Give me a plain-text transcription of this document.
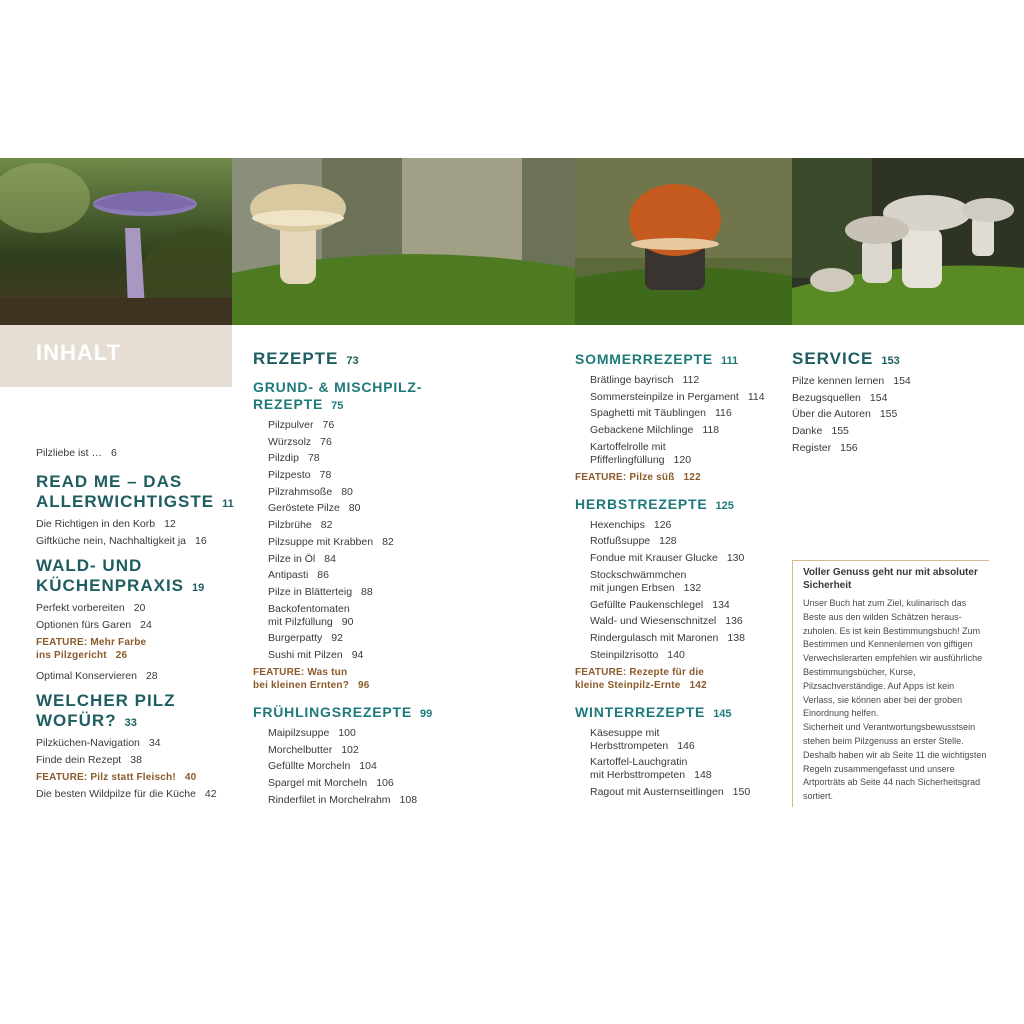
INHALT
Pilzliebe ist … 6
READ ME – DAS
ALLERWICHTIGSTE 11
Die Richtigen in den Korb 12
Giftküche nein, Nachhaltigkeit ja 16
WALD- UND
KÜCHENPRAXIS 19
Perfekt vorbereiten 20
Optionen fürs Garen 24
FEATURE: Mehr Farbe
ins Pilzgericht 26
Optimal Konservieren 28
WELCHER PILZ
WOFÜR? 33
Pilzküchen-Navigation 34
Finde dein Rezept 38
FEATURE: Pilz statt Fleisch! 40
Die besten Wildpilze für die Küche 42
REZEPTE 73
GRUND- & MISCHPILZ-
REZEPTE 75
Pilzpulver 76
Würzsolz 76
Pilzdip 78
Pilzpesto 78
Pilzrahmsoße 80
Geröstete Pilze 80
Pilzbrühe 82
Pilzsuppe mit Krabben 82
Pilze in Öl 84
Antipasti 86
Pilze in Blätterteig 88
Backofentomaten
mit Pilzfüllung 90
Burgerpatty 92
Sushi mit Pilzen 94
FEATURE: Was tun
bei kleinen Ernten? 96
FRÜHLINGSREZEPTE 99
Maipilzsuppe 100
Morchelbutter 102
Gefüllte Morcheln 104
Spargel mit Morcheln 106
Rinderfilet in Morchelrahm 108
SOMMERREZEPTE 111
Brätlinge bayrisch 112
Sommersteinpilze in Pergament 114
Spaghetti mit Täublingen 116
Gebackene Milchlinge 118
Kartoffelrolle mit
Pfifferlingfüllung 120
FEATURE: Pilze süß 122
HERBSTREZEPTE 125
Hexenchips 126
Rotfußsuppe 128
Fondue mit Krauser Glucke 130
Stockschwämmchen
mit jungen Erbsen 132
Gefüllte Paukenschlegel 134
Wald- und Wiesenschnitzel 136
Rindergulasch mit Maronen 138
Steinpilzrisotto 140
FEATURE: Rezepte für die
kleine Steinpilz-Ernte 142
WINTERREZEPTE 145
Käsesuppe mit
Herbsttrompeten 146
Kartoffel-Lauchgratin
mit Herbsttrompeten 148
Ragout mit Austernseitlingen 150
SERVICE 153
Pilze kennen lernen 154
Bezugsquellen 154
Über die Autoren 155
Danke 155
Register 156

Voller Genuss geht nur mit absoluter Sicherheit

Unser Buch hat zum Ziel, kulinarisch das Beste aus den wilden Schätzen herauszuholen. Es ist kein Bestimmungsbuch! Zum Bestimmen und Kennenlernen von giftigen Verwechslerarten empfehlen wir ausführliche Bestimmungsbücher, Kurse, Pilzsachverständige. Auf Apps ist kein Verlass, sie können aber bei der groben Einordnung helfen.

Sicherheit und Verantwortungsbewusstsein stehen beim Pilzgenuss an erster Stelle. Deshalb haben wir ab Seite 11 die wichtigsten Regeln zusammengefasst und unsere Artporträts ab Seite 44 nach Sicherheitsgrad sortiert.
